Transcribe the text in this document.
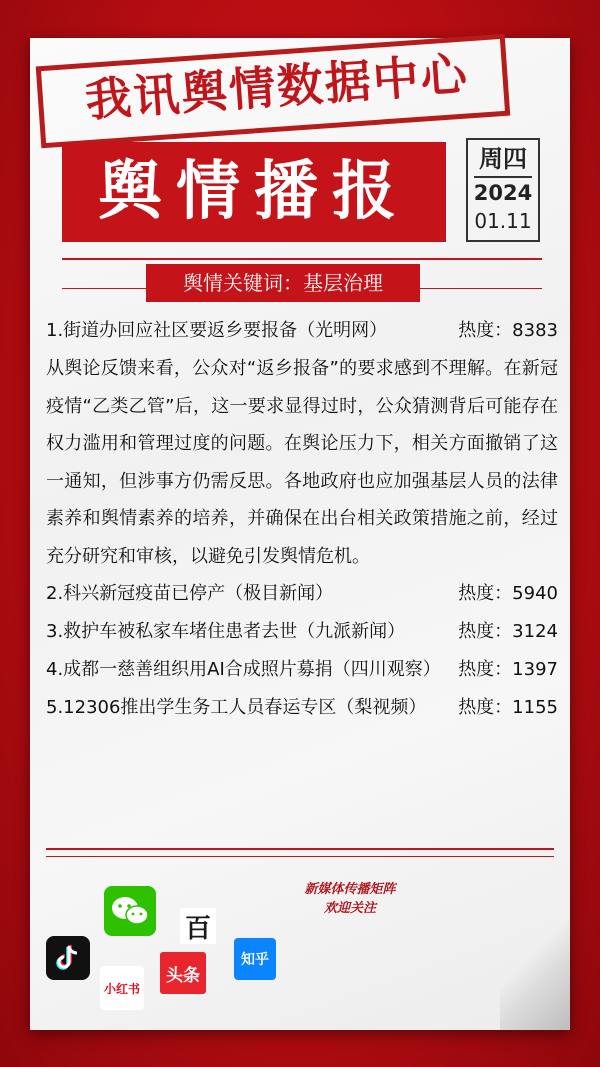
我讯舆情数据中心
舆情播报	周四
2024
01.11
舆情关键词：基层治理
1.街道办回应社区要返乡要报备（光明网）	热度：8383
从舆论反馈来看，公众对“返乡报备”的要求感到不理解。在新冠疫情“乙类乙管”后，这一要求显得过时，公众猜测背后可能存在权力滥用和管理过度的问题。在舆论压力下，相关方面撤销了这一通知，但涉事方仍需反思。各地政府也应加强基层人员的法律素养和舆情素养的培养，并确保在出台相关政策措施之前，经过充分研究和审核，以避免引发舆情危机。
2.科兴新冠疫苗已停产（极目新闻）	热度：5940
3.救护车被私家车堵住患者去世（九派新闻）	热度：3124
4.成都一慈善组织用AI合成照片募捐（四川观察） 热度：1397
5.12306推出学生务工人员春运专区（梨视频） 热度：1155
新媒体传播矩阵
欢迎关注
百
小红书
头条
知乎
